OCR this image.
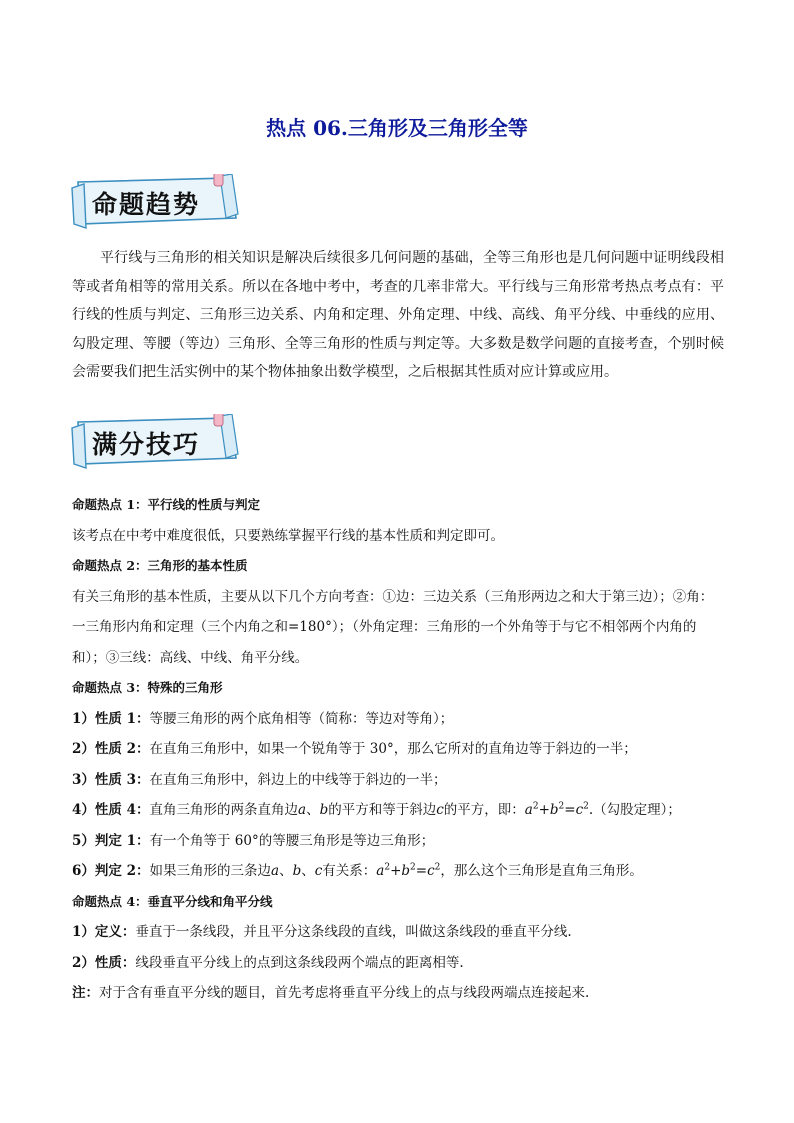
热点 06.三角形及三角形全等
命题趋势

平行线与三角形的相关知识是解决后续很多几何问题的基础，全等三角形也是几何问题中证明线段相等或者角相等的常用关系。所以在各地中考中，考查的几率非常大。平行线与三角形常考热点考点有：平行线的性质与判定、三角形三边关系、内角和定理、外角定理、中线、高线、角平分线、中垂线的应用、勾股定理、等腰（等边）三角形、全等三角形的性质与判定等。大多数是数学问题的直接考查，个别时候会需要我们把生活实例中的某个物体抽象出数学模型，之后根据其性质对应计算或应用。

满分技巧
命题热点 1：平行线的性质与判定
该考点在中考中难度很低，只要熟练掌握平行线的基本性质和判定即可。
命题热点 2：三角形的基本性质
有关三角形的基本性质，主要从以下几个方向考查：①边：三边关系（三角形两边之和大于第三边）；②角：一三角形内角和定理（三个内角之和=180°）；（外角定理：三角形的一个外角等于与它不相邻两个内角的和）；③三线：高线、中线、角平分线。
命题热点 3：特殊的三角形
1）性质 1：等腰三角形的两个底角相等（简称：等边对等角）；
2）性质 2：在直角三角形中，如果一个锐角等于 30°，那么它所对的直角边等于斜边的一半；
3）性质 3：在直角三角形中，斜边上的中线等于斜边的一半；
4）性质 4：直角三角形的两条直角边a、b的平方和等于斜边c的平方，即：$a^2+b^2=c^2$.（勾股定理）；
5）判定 1：有一个角等于 60°的等腰三角形是等边三角形；
6）判定 2：如果三角形的三条边a、b、c有关系：$a^2+b^2=c^2$，那么这个三角形是直角三角形。
命题热点 4：垂直平分线和角平分线
1）定义：垂直于一条线段，并且平分这条线段的直线，叫做这条线段的垂直平分线.
2）性质：线段垂直平分线上的点到这条线段两个端点的距离相等.
注：对于含有垂直平分线的题目，首先考虑将垂直平分线上的点与线段两端点连接起来.
